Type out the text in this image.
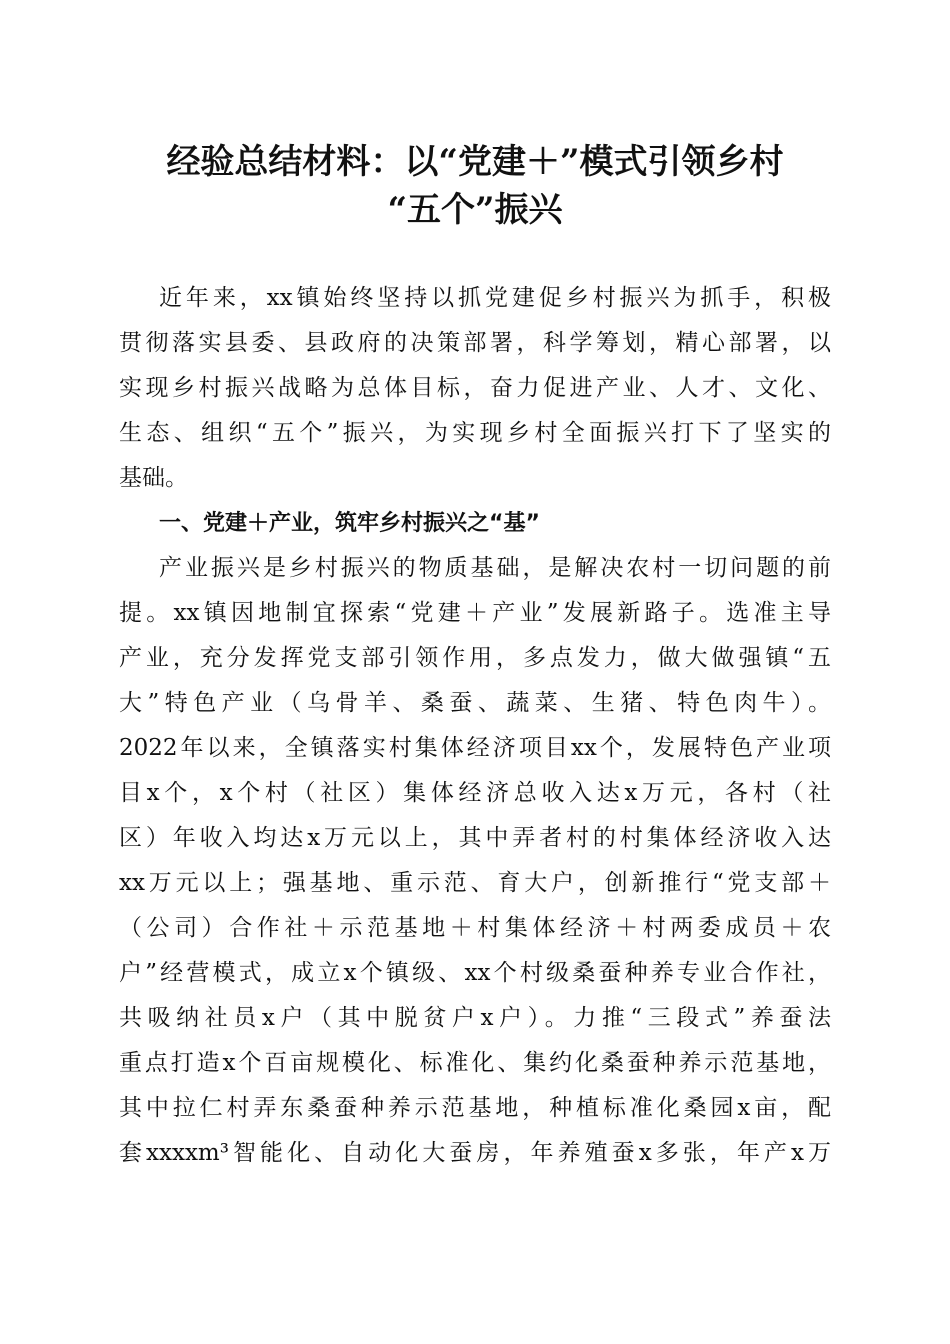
经验总结材料：以“党建＋”模式引领乡村
“五个”振兴
近年来，xx镇始终坚持以抓党建促乡村振兴为抓手，积极
贯彻落实县委、县政府的决策部署，科学筹划，精心部署，以
实现乡村振兴战略为总体目标，奋力促进产业、人才、文化、
生态、组织“五个”振兴，为实现乡村全面振兴打下了坚实的
基础。
一、党建＋产业，筑牢乡村振兴之“基”
产业振兴是乡村振兴的物质基础，是解决农村一切问题的前
提。xx镇因地制宜探索“党建＋产业”发展新路子。选准主导
产业，充分发挥党支部引领作用，多点发力，做大做强镇“五
大”特色产业（乌骨羊、桑蚕、蔬菜、生猪、特色肉牛）。
2022年以来，全镇落实村集体经济项目xx个，发展特色产业项
目x个，x个村（社区）集体经济总收入达x万元，各村（社
区）年收入均达x万元以上，其中弄者村的村集体经济收入达
xx万元以上；强基地、重示范、育大户，创新推行“党支部＋
（公司）合作社＋示范基地＋村集体经济＋村两委成员＋农
户”经营模式，成立x个镇级、xx个村级桑蚕种养专业合作社，
共吸纳社员x户（其中脱贫户x户）。力推“三段式”养蚕法
重点打造x个百亩规模化、标准化、集约化桑蚕种养示范基地，
其中拉仁村弄东桑蚕种养示范基地，种植标准化桑园x亩，配
套xxxxm³智能化、自动化大蚕房，年养殖蚕x多张，年产x万
